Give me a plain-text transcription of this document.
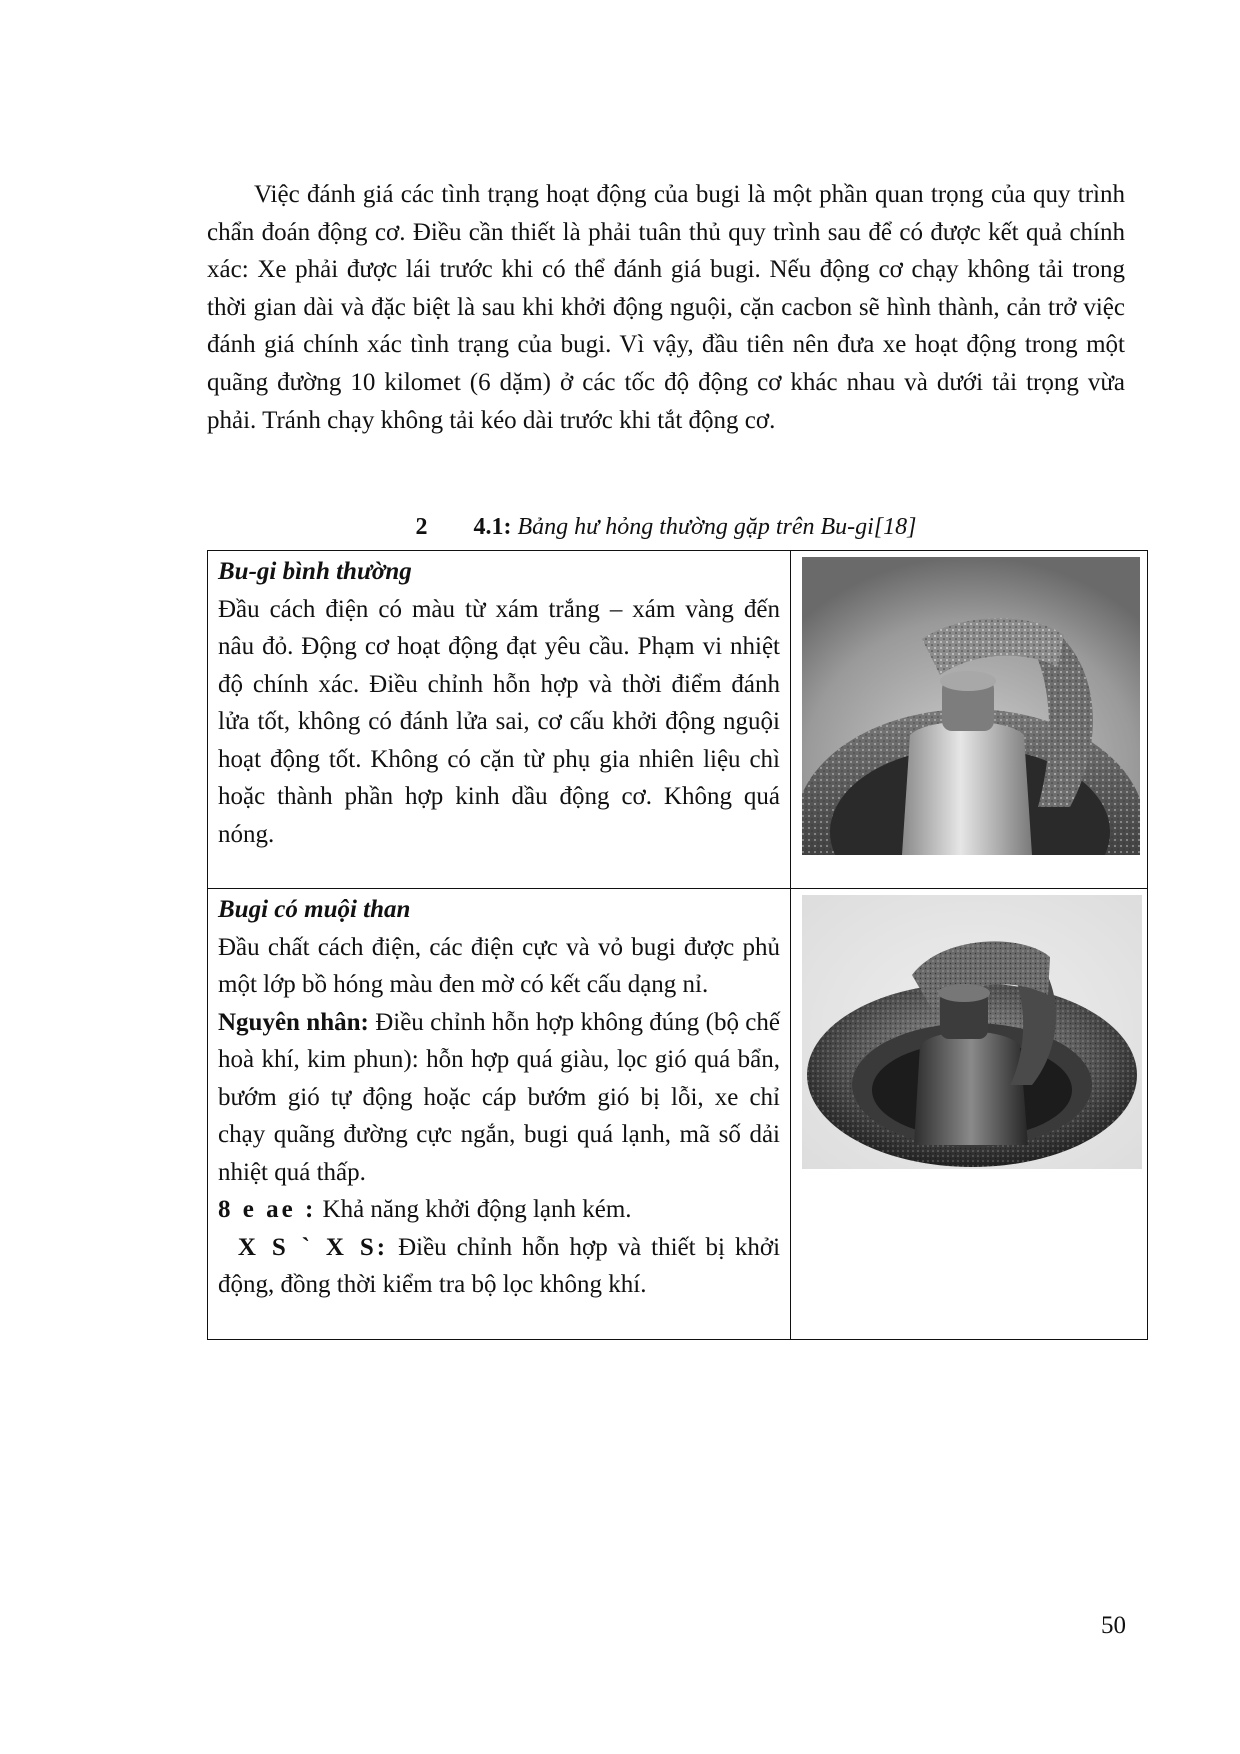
Việc đánh giá các tình trạng hoạt động của bugi là một phần quan trọng của quy trình chẩn đoán động cơ. Điều cần thiết là phải tuân thủ quy trình sau để có được kết quả chính xác: Xe phải được lái trước khi có thể đánh giá bugi. Nếu động cơ chạy không tải trong thời gian dài và đặc biệt là sau khi khởi động nguội, cặn cacbon sẽ hình thành, cản trở việc đánh giá chính xác tình trạng của bugi. Vì vậy, đầu tiên nên đưa xe hoạt động trong một quãng đường 10 kilomet (6 dặm) ở các tốc độ động cơ khác nhau và dưới tải trọng vừa phải. Tránh chạy không tải kéo dài trước khi tắt động cơ.

2 4.1: Bảng hư hỏng thường gặp trên Bu-gi[18]
Bu-gi bình thường
Đầu cách điện có màu từ xám trắng – xám vàng đến nâu đỏ. Động cơ hoạt động đạt yêu cầu. Phạm vi nhiệt độ chính xác. Điều chỉnh hỗn hợp và thời điểm đánh lửa tốt, không có đánh lửa sai, cơ cấu khởi động nguội hoạt động tốt. Không có cặn từ phụ gia nhiên liệu chì hoặc thành phần hợp kinh dầu động cơ. Không quá nóng.

Bugi có muội than
Đầu chất cách điện, các điện cực và vỏ bugi được phủ một lớp bồ hóng màu đen mờ có kết cấu dạng nỉ.
Nguyên nhân: Điều chỉnh hỗn hợp không đúng (bộ chế hoà khí, kim phun): hỗn hợp quá giàu, lọc gió quá bẩn, bướm gió tự động hoặc cáp bướm gió bị lỗi, xe chỉ chạy quãng đường cực ngắn, bugi quá lạnh, mã số dải nhiệt quá thấp.
8 e ae : Khả năng khởi động lạnh kém.
X S ` X S: Điều chỉnh hỗn hợp và thiết bị khởi động, đồng thời kiểm tra bộ lọc không khí.

50
